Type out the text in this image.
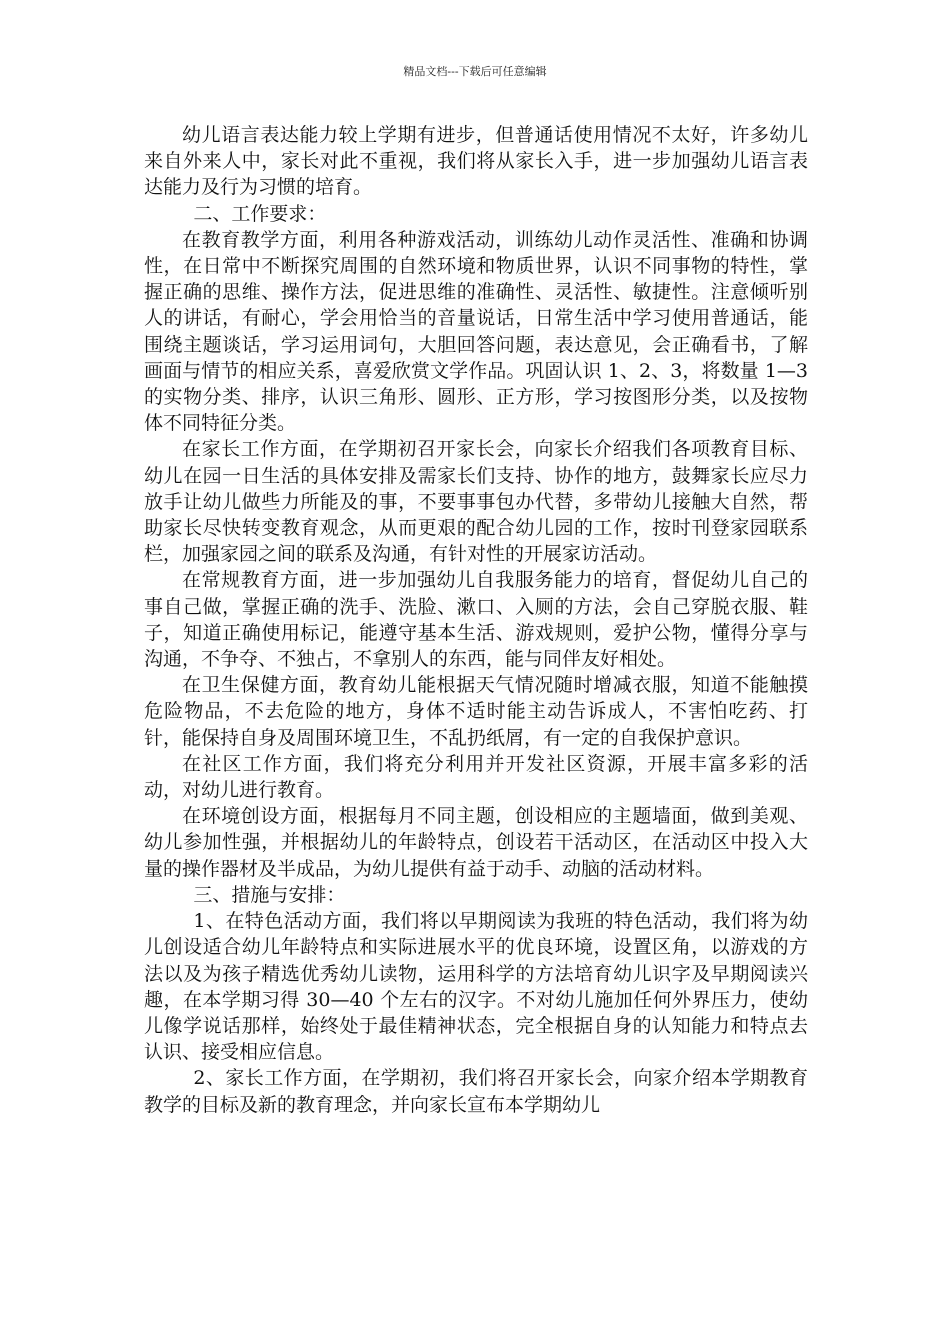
精品文档---下载后可任意编辑

幼儿语言表达能力较上学期有进步，但普通话使用情况不太好，许多幼儿来自外来人中，家长对此不重视，我们将从家长入手，进一步加强幼儿语言表达能力及行为习惯的培育。

二、工作要求：

在教育教学方面，利用各种游戏活动，训练幼儿动作灵活性、准确和协调性，在日常中不断探究周围的自然环境和物质世界，认识不同事物的特性，掌握正确的思维、操作方法，促进思维的准确性、灵活性、敏捷性。注意倾听别人的讲话，有耐心，学会用恰当的音量说话，日常生活中学习使用普通话，能围绕主题谈话，学习运用词句，大胆回答问题，表达意见，会正确看书，了解画面与情节的相应关系，喜爱欣赏文学作品。巩固认识 1、2、3，将数量 1—3 的实物分类、排序，认识三角形、圆形、正方形，学习按图形分类，以及按物体不同特征分类。

在家长工作方面，在学期初召开家长会，向家长介绍我们各项教育目标、幼儿在园一日生活的具体安排及需家长们支持、协作的地方，鼓舞家长应尽力放手让幼儿做些力所能及的事，不要事事包办代替，多带幼儿接触大自然，帮助家长尽快转变教育观念，从而更艰的配合幼儿园的工作，按时刊登家园联系栏，加强家园之间的联系及沟通，有针对性的开展家访活动。

在常规教育方面，进一步加强幼儿自我服务能力的培育，督促幼儿自己的事自己做，掌握正确的洗手、洗脸、漱口、入厕的方法，会自己穿脱衣服、鞋子，知道正确使用标记，能遵守基本生活、游戏规则，爱护公物，懂得分享与沟通，不争夺、不独占，不拿别人的东西，能与同伴友好相处。

在卫生保健方面，教育幼儿能根据天气情况随时增减衣服，知道不能触摸危险物品，不去危险的地方，身体不适时能主动告诉成人，不害怕吃药、打针，能保持自身及周围环境卫生，不乱扔纸屑，有一定的自我保护意识。

在社区工作方面，我们将充分利用并开发社区资源，开展丰富多彩的活动，对幼儿进行教育。

在环境创设方面，根据每月不同主题，创设相应的主题墙面，做到美观、幼儿参加性强，并根据幼儿的年龄特点，创设若干活动区，在活动区中投入大量的操作器材及半成品，为幼儿提供有益于动手、动脑的活动材料。

三、措施与安排：

1、在特色活动方面，我们将以早期阅读为我班的特色活动，我们将为幼儿创设适合幼儿年龄特点和实际进展水平的优良环境，设置区角，以游戏的方法以及为孩子精选优秀幼儿读物，运用科学的方法培育幼儿识字及早期阅读兴趣，在本学期习得 30—40 个左右的汉字。不对幼儿施加任何外界压力，使幼儿像学说话那样，始终处于最佳精神状态，完全根据自身的认知能力和特点去认识、接受相应信息。

2、家长工作方面，在学期初，我们将召开家长会，向家介绍本学期教育教学的目标及新的教育理念，并向家长宣布本学期幼儿
